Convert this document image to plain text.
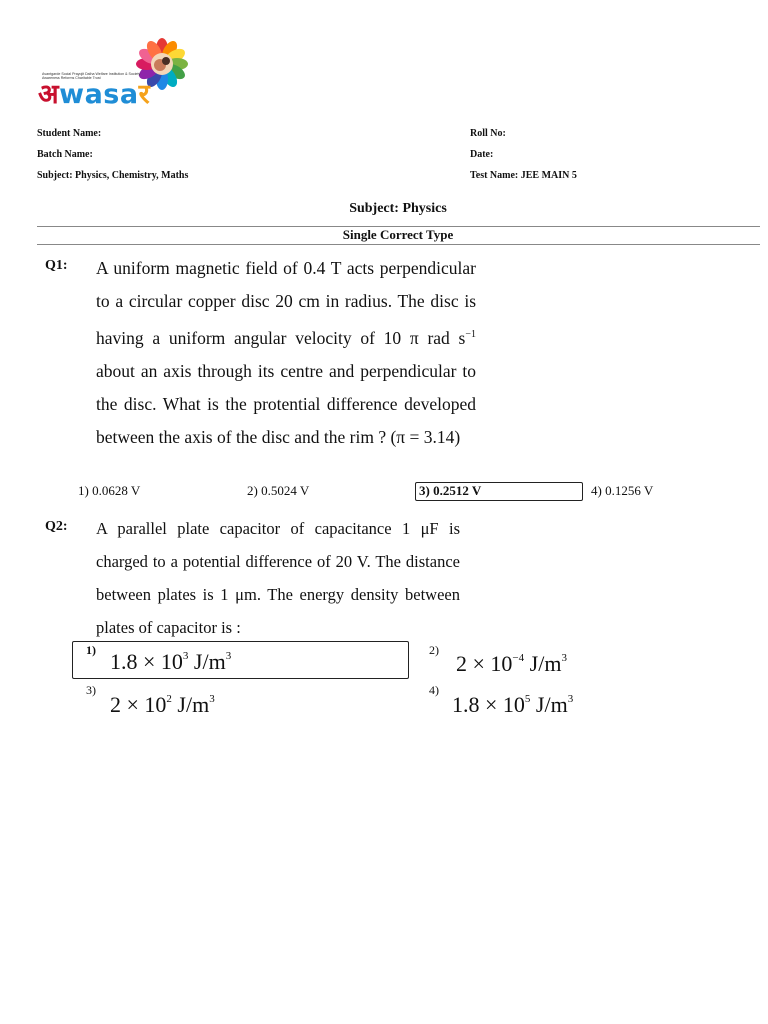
Avantgarde Social Prayojit Dalha Welfare Institution & Society Awareness Reforms Charitable Trust
अwasaर
Student Name:
Batch Name:
Subject: Physics, Chemistry, Maths
Roll No:
Date:
Test Name: JEE MAIN 5
Subject: Physics
Single Correct Type
Q1: A uniform magnetic field of 0.4 T acts perpendicular to a circular copper disc 20 cm in radius. The disc is having a uniform angular velocity of 10 π rad $s^{-1}$ about an axis through its centre and perpendicular to the disc. What is the protential difference developed between the axis of the disc and the rim ? (π = 3.14)
1) 0.0628 V	2) 0.5024 V	3) 0.2512 V	4) 0.1256 V
Q2: A parallel plate capacitor of capacitance 1 μF is charged to a potential difference of 20 V. The distance between plates is 1 μm. The energy density between plates of capacitor is :
1) $1.8 \times 10^3$ $J/m^3$	2)
$2 \times 10^{-4}$ $J/m^3$
3)
$2 \times 10^2$ $J/m^3$
4)
$1.8 \times 10^5$ $J/m^3$
